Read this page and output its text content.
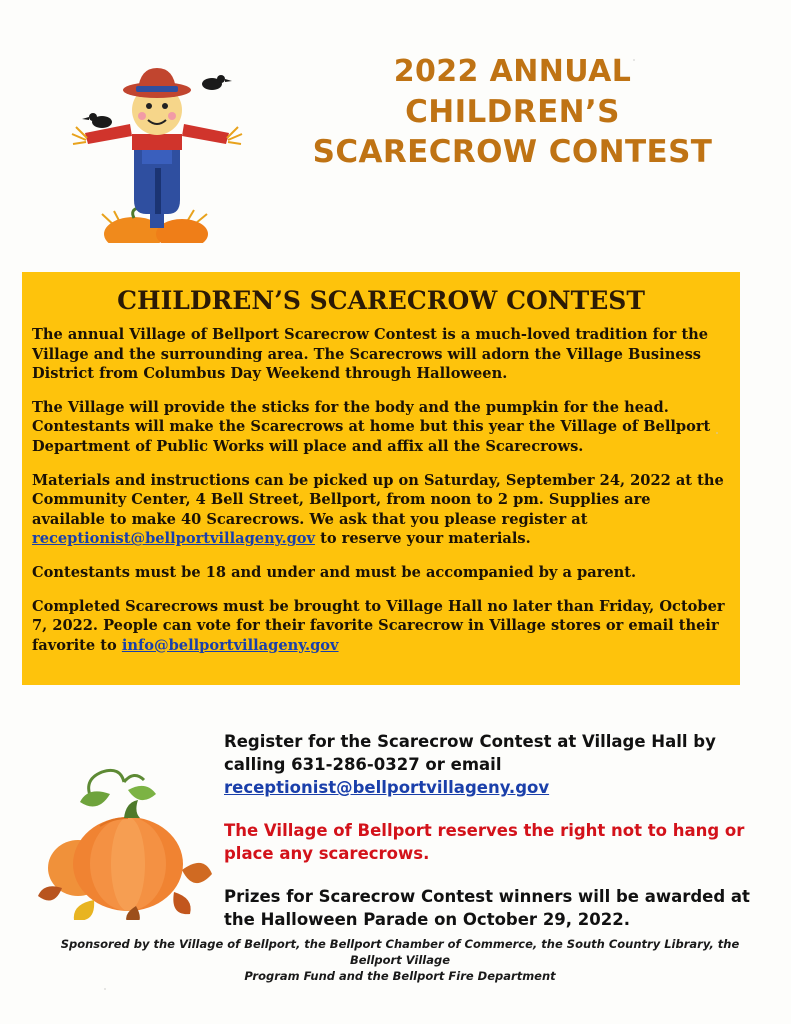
2022 ANNUAL
CHILDREN’S
SCARECROW CONTEST
CHILDREN’S SCARECROW CONTEST

The annual Village of Bellport Scarecrow Contest is a much-loved tradition for the Village and the surrounding area. The Scarecrows will adorn the Village Business District from Columbus Day Weekend through Halloween.

The Village will provide the sticks for the body and the pumpkin for the head. Contestants will make the Scarecrows at home but this year the Village of Bellport Department of Public Works will place and affix all the Scarecrows.

Materials and instructions can be picked up on Saturday, September 24, 2022 at the Community Center, 4 Bell Street, Bellport, from noon to 2 pm. Supplies are available to make 40 Scarecrows. We ask that you please register at receptionist@bellportvillageny.gov to reserve your materials.

Contestants must be 18 and under and must be accompanied by a parent.

Completed Scarecrows must be brought to Village Hall no later than Friday, October 7, 2022. People can vote for their favorite Scarecrow in Village stores or email their favorite to info@bellportvillageny.gov

Register for the Scarecrow Contest at Village Hall by calling 631-286-0327 or email receptionist@bellportvillageny.gov

The Village of Bellport reserves the right not to hang or place any scarecrows.

Prizes for Scarecrow Contest winners will be awarded at the Halloween Parade on October 29, 2022.

Sponsored by the Village of Bellport, the Bellport Chamber of Commerce, the South Country Library, the Bellport Village
Program Fund and the Bellport Fire Department
